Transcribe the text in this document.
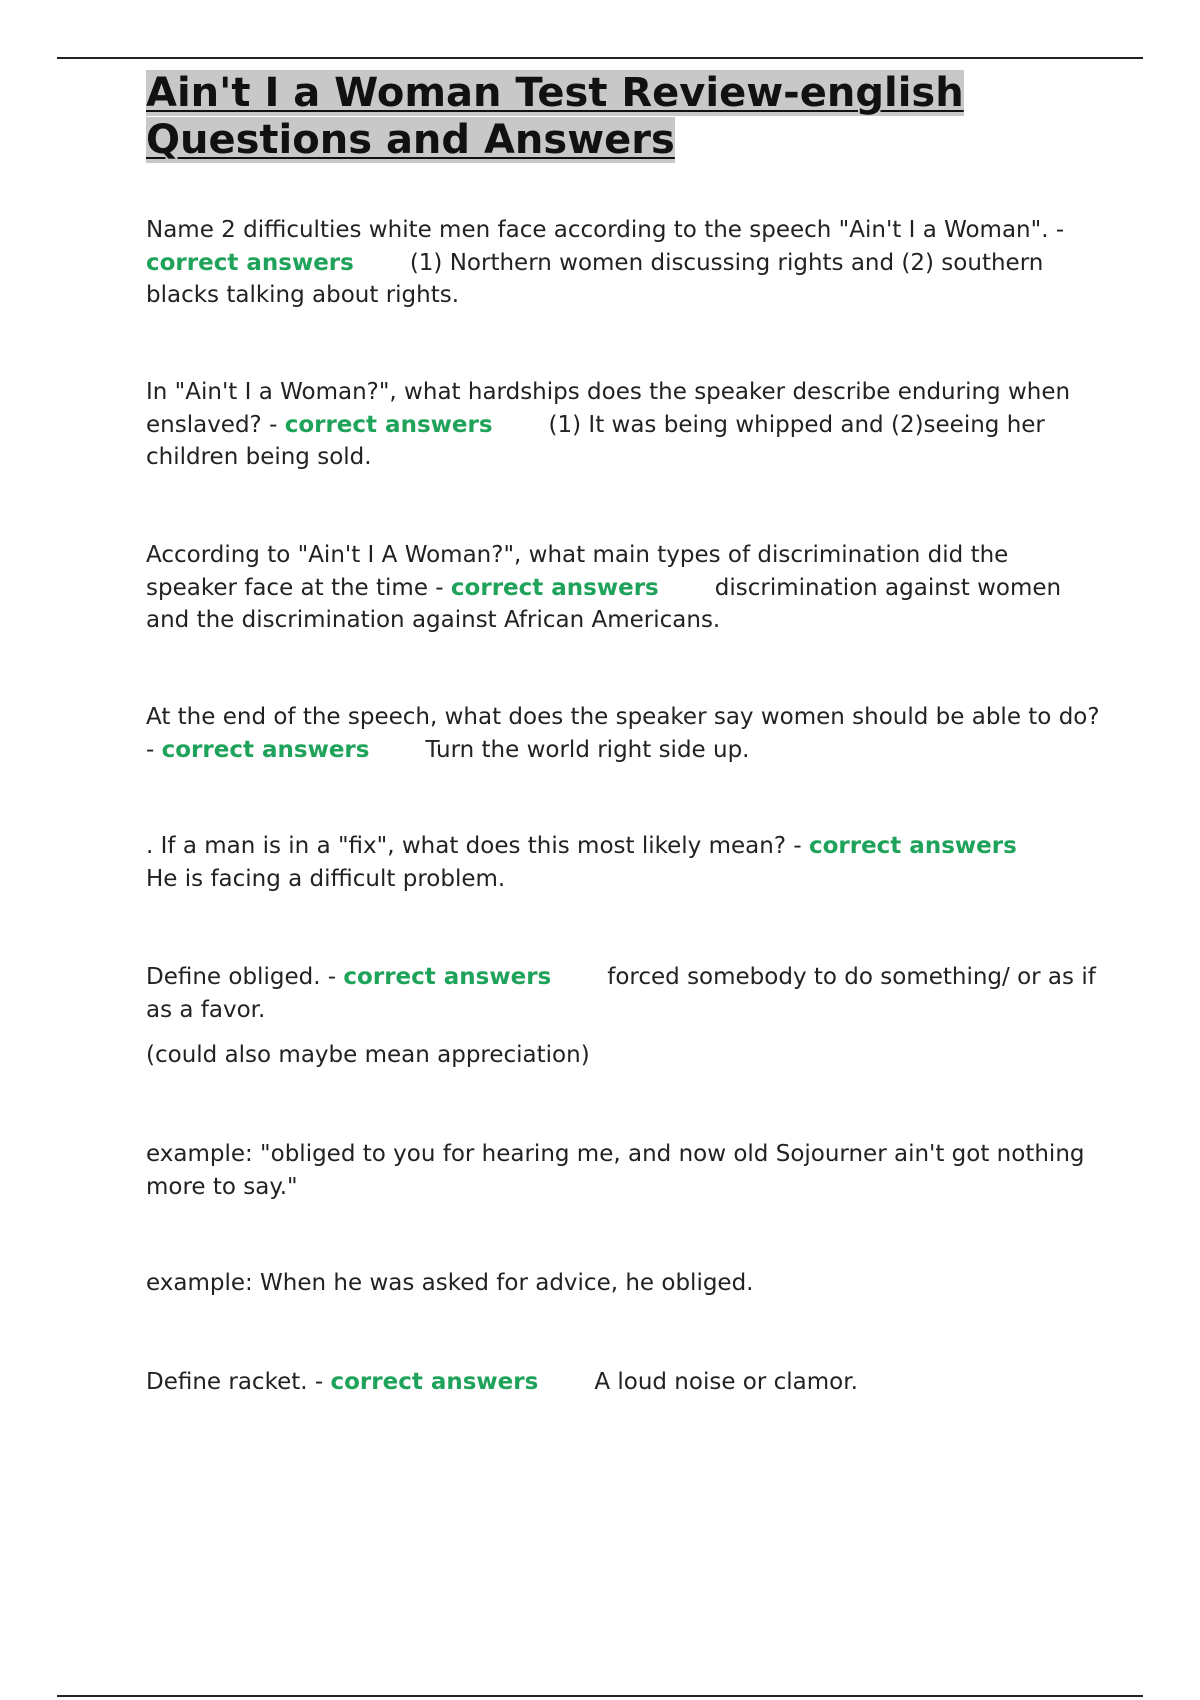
Ain't I a Woman Test Review-english
Questions and Answers

Name 2 difficulties white men face according to the speech "Ain't I a Woman". - correct answers (1) Northern women discussing rights and (2) southern blacks talking about rights.

In "Ain't I a Woman?", what hardships does the speaker describe enduring when enslaved? - correct answers (1) It was being whipped and (2)seeing her children being sold.

According to "Ain't I A Woman?", what main types of discrimination did the speaker face at the time - correct answers discrimination against women and the discrimination against African Americans.

At the end of the speech, what does the speaker say women should be able to do? - correct answers Turn the world right side up.

. If a man is in a "fix", what does this most likely mean? - correct answersHe is facing a difficult problem.

Define obliged. - correct answers forced somebody to do something/ or as if as a favor.

(could also maybe mean appreciation)

example: "obliged to you for hearing me, and now old Sojourner ain't got nothing more to say."

example: When he was asked for advice, he obliged.

Define racket. - correct answers A loud noise or clamor.
